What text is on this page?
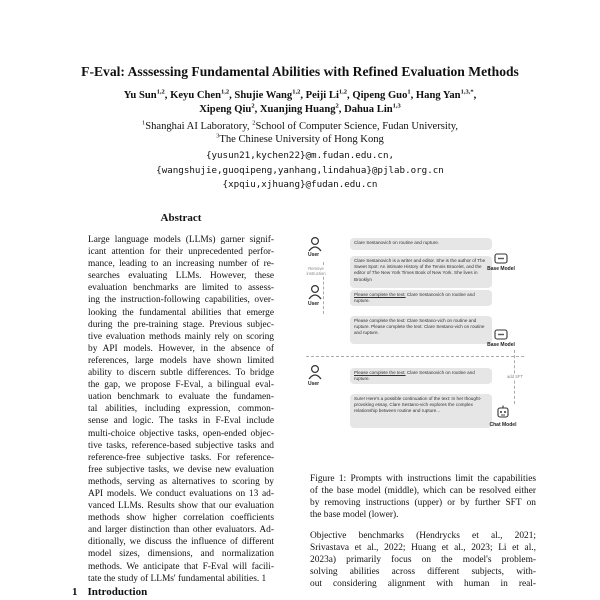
F-Eval: Asssessing Fundamental Abilities with Refined Evaluation Methods
Yu Sun$^{1,2}$, Keyu Chen$^{1,2}$, Shujie Wang$^{1,2}$, Peiji Li$^{1,2}$, Qipeng Guo$^1$, Hang Yan$^{1,3,*}$,
Xipeng Qiu$^2$, Xuanjing Huang$^2$, Dahua Lin$^{1,3}$
$^1$Shanghai AI Laboratory, $^2$School of Computer Science, Fudan University,
$^3$The Chinese University of Hong Kong
{yusun21,kychen22}@m.fudan.edu.cn,
{wangshujie,guoqipeng,yanhang,lindahua}@pjlab.org.cn
{xpqiu,xjhuang}@fudan.edu.cn
Abstract
Large language models (LLMs) garner signif-
icant attention for their unprecedented perfor-
mance, leading to an increasing number of re-
searches evaluating LLMs. However, these
evaluation benchmarks are limited to assess-
ing the instruction-following capabilities, over-
looking the fundamental abilities that emerge
during the pre-training stage. Previous subjec-
tive evaluation methods mainly rely on scoring
by API models. However, in the absence of
references, large models have shown limited
ability to discern subtle differences. To bridge
the gap, we propose F-Eval, a bilingual eval-
uation benchmark to evaluate the fundamen-
tal abilities, including expression, common-
sense and logic. The tasks in F-Eval include
multi-choice objective tasks, open-ended objec-
tive tasks, reference-based subjective tasks and
reference-free subjective tasks. For reference-
free subjective tasks, we devise new evaluation
methods, serving as alternatives to scoring by
API models. We conduct evaluations on 13 ad-
vanced LLMs. Results show that our evaluation
methods show higher correlation coefficients
and larger distinction than other evaluators. Ad-
ditionally, we discuss the influence of different
model sizes, dimensions, and normalization
methods. We anticipate that F-Eval will facili-
tate the study of LLMs' fundamental abilities. 1
1 Introduction
User
Clare Sestanovich on routine and rupture.
Clare Sestanovich is a writer and editor. She is the author of The Sweet Spot: An intimate History of the Tennis Bracelet, and the editor of The New York Times Book of New York. She lives in Brooklyn
Base Model
Remove instruction
User
Please complete the text: Clare Sestanovich on routine and rupture.
Please complete the text: Clare Sestano-vich on routine and rupture. Please complete the text: Clare Sestano-vich on routine and rupture.
Base Model
User
Please complete the text: Clare Sestanovich on routine and rupture.
Sure! Here's a possible continuation of the text: In her thought-provoking essay, Clare Sestano-vich explores the complex relationship between routine and rupture...
add SFT
Chat Model
Figure 1: Prompts with instructions limit the capabilities
of the base model (middle), which can be resolved either
by removing instructions (upper) or by further SFT on
the base model (lower).
Objective benchmarks (Hendrycks et al., 2021;
Srivastava et al., 2022; Huang et al., 2023; Li et al.,
2023a) primarily focus on the model's problem-
solving abilities across different subjects, with-
out considering alignment with human in real-
